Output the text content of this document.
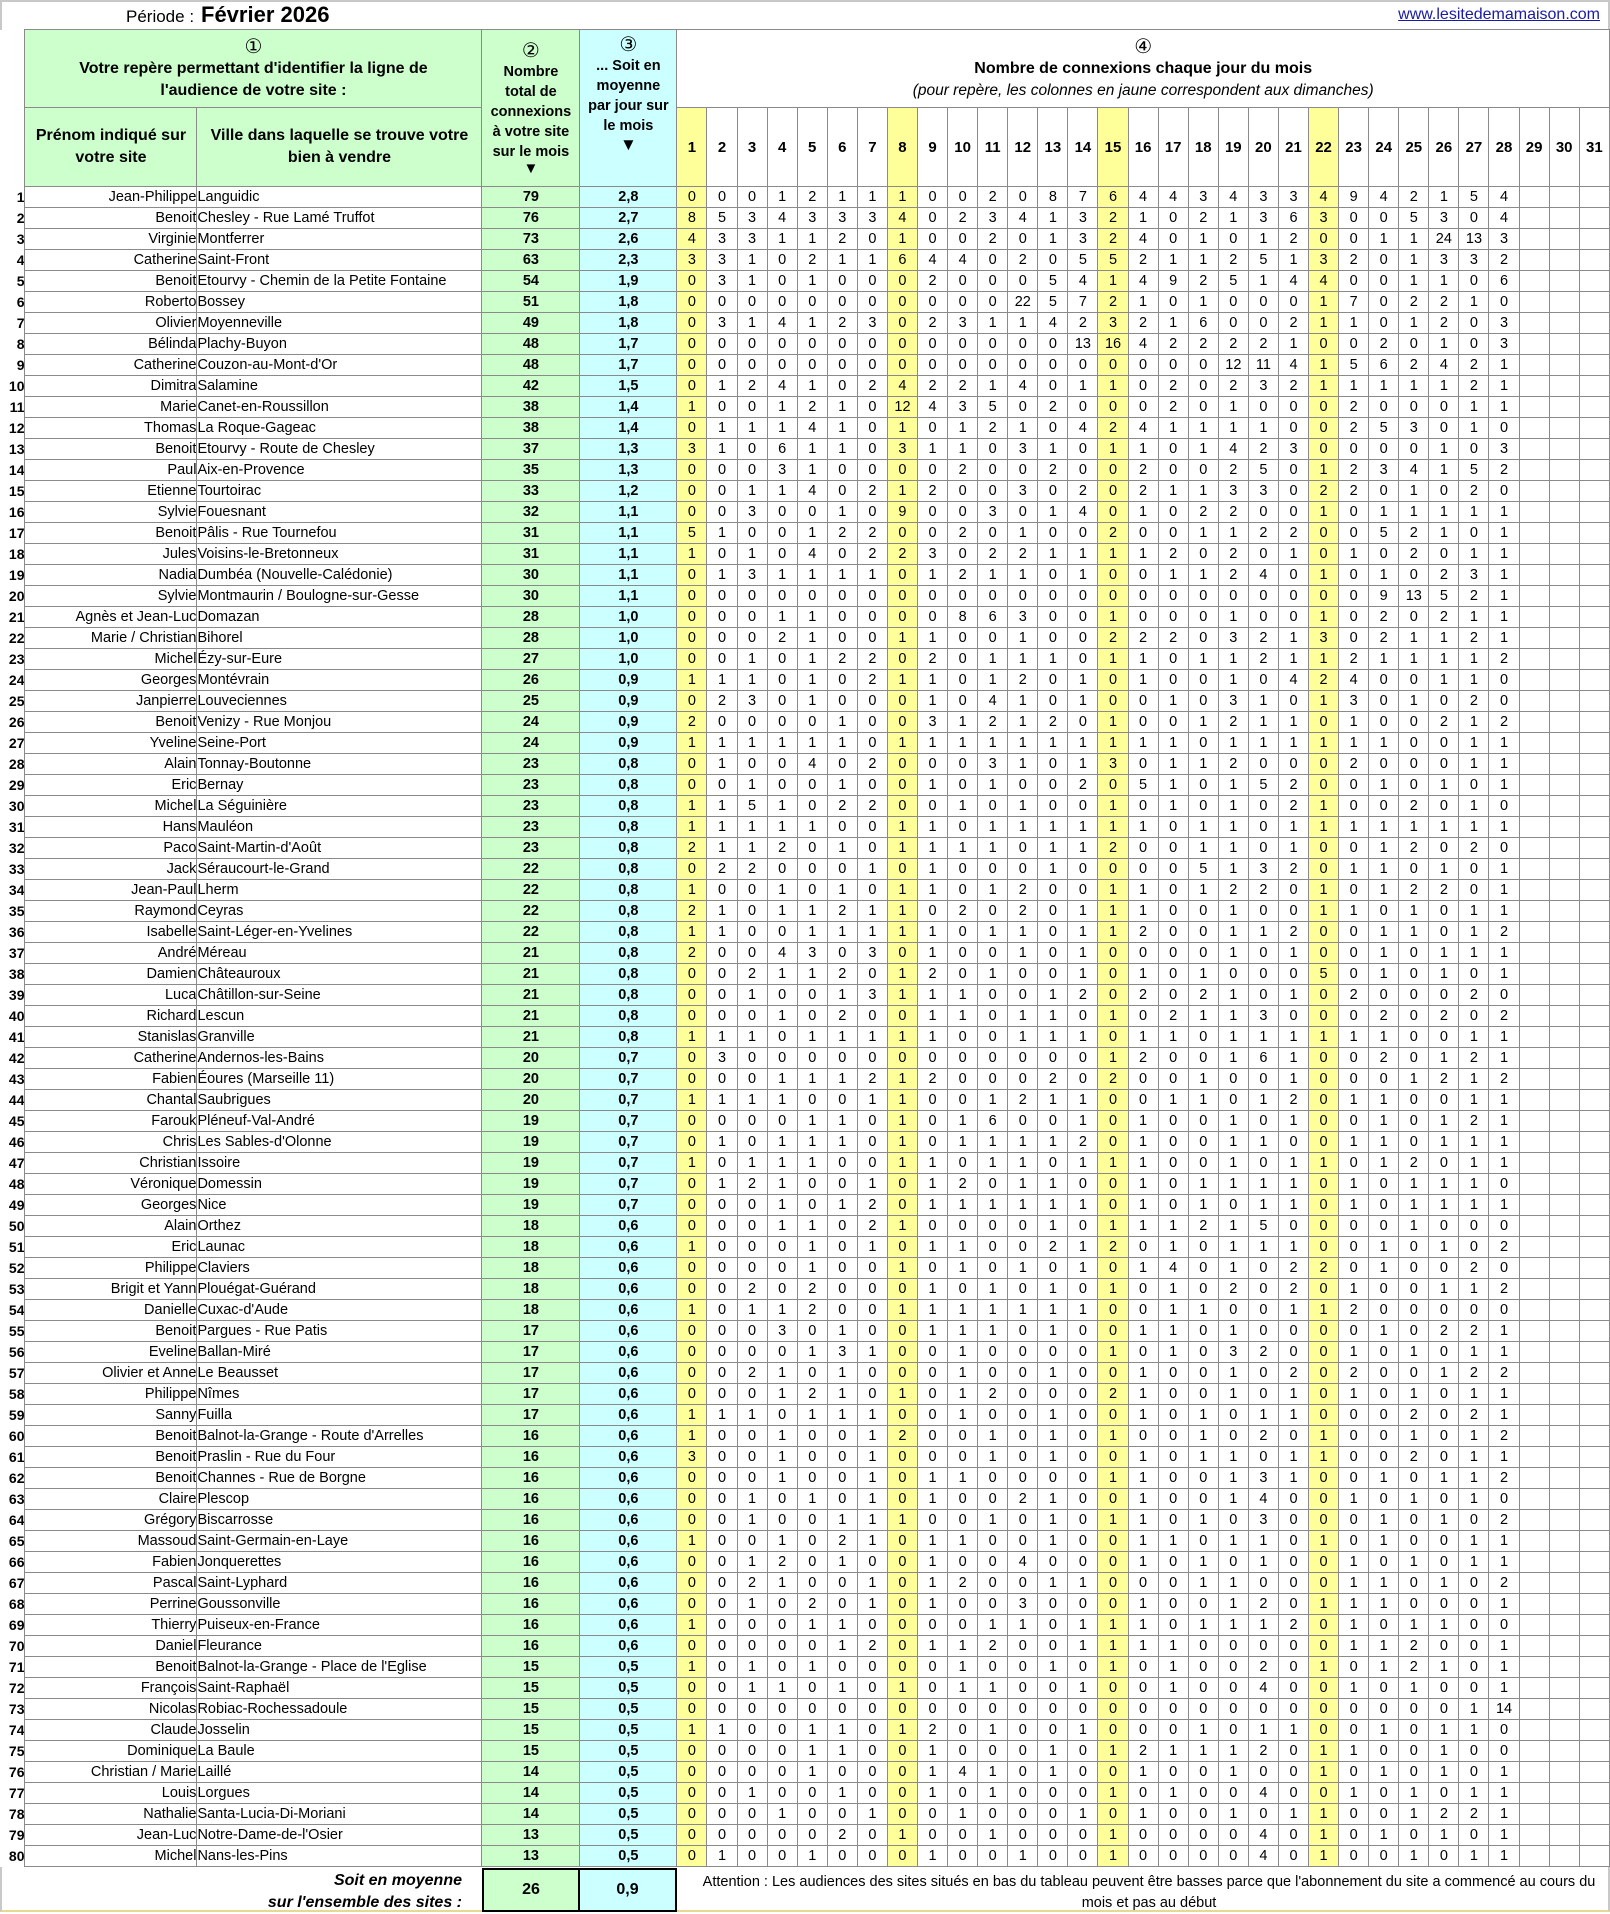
Période : Février 2026	www.lesitedemamaison.com

	①
Votre repère permettant d'identifier la ligne de l'audience de votre site :		②
Nombre total de connexions à votre site sur le mois
▼	③
... Soit en moyenne par jour sur le mois
▼	④
Nombre de connexions chaque jour du mois
(pour repère, les colonnes en jaune correspondent aux dimanches)																														

	Prénom indiqué sur votre site	Ville dans laquelle se trouve votre bien à vendre			1	2	3	4	5	6	7	8	9	10	11	12	13	14	15	16	17	18	19	20	21	22	23	24	25	26	27	28	29	30	31
1	Jean-Philippe	Languidic	79	2,8	0	0	0	1	2	1	1	1	0	0	2	0	8	7	6	4	4	3	4	3	3	4	9	4	2	1	5	4			
2	Benoit	Chesley - Rue Lamé Truffot	76	2,7	8	5	3	4	3	3	3	4	0	2	3	4	1	3	2	1	0	2	1	3	6	3	0	0	5	3	0	4			
3	Virginie	Montferrer	73	2,6	4	3	3	1	1	2	0	1	0	0	2	0	1	3	2	4	0	1	0	1	2	0	0	1	1	24	13	3			
4	Catherine	Saint-Front	63	2,3	3	3	1	0	2	1	1	6	4	4	0	2	0	5	5	2	1	1	2	5	1	3	2	0	1	3	3	2			
5	Benoit	Etourvy - Chemin de la Petite Fontaine	54	1,9	0	3	1	0	1	0	0	0	2	0	0	0	5	4	1	4	9	2	5	1	4	4	0	0	1	1	0	6			
6	Roberto	Bossey	51	1,8	0	0	0	0	0	0	0	0	0	0	0	22	5	7	2	1	0	1	0	0	0	1	7	0	2	2	1	0			
7	Olivier	Moyenneville	49	1,8	0	3	1	4	1	2	3	0	2	3	1	1	4	2	3	2	1	6	0	0	2	1	1	0	1	2	0	3			
8	Bélinda	Plachy-Buyon	48	1,7	0	0	0	0	0	0	0	0	0	0	0	0	0	13	16	4	2	2	2	2	1	0	0	2	0	1	0	3			
9	Catherine	Couzon-au-Mont-d'Or	48	1,7	0	0	0	0	0	0	0	0	0	0	0	0	0	0	0	0	0	0	12	11	4	1	5	6	2	4	2	1			
10	Dimitra	Salamine	42	1,5	0	1	2	4	1	0	2	4	2	2	1	4	0	1	1	0	2	0	2	3	2	1	1	1	1	1	2	1			
11	Marie	Canet-en-Roussillon	38	1,4	1	0	0	1	2	1	0	12	4	3	5	0	2	0	0	0	2	0	1	0	0	0	2	0	0	0	1	1			
12	Thomas	La Roque-Gageac	38	1,4	0	1	1	1	4	1	0	1	0	1	2	1	0	4	2	4	1	1	1	1	0	0	2	5	3	0	1	0			
13	Benoit	Etourvy - Route de Chesley	37	1,3	3	1	0	6	1	1	0	3	1	1	0	3	1	0	1	1	0	1	4	2	3	0	0	0	0	1	0	3			
14	Paul	Aix-en-Provence	35	1,3	0	0	0	3	1	0	0	0	0	2	0	0	2	0	0	2	0	0	2	5	0	1	2	3	4	1	5	2			
15	Etienne	Tourtoirac	33	1,2	0	0	1	1	4	0	2	1	2	0	0	3	0	2	0	2	1	1	3	3	0	2	2	0	1	0	2	0			
16	Sylvie	Fouesnant	32	1,1	0	0	3	0	0	1	0	9	0	0	3	0	1	4	0	1	0	2	2	0	0	1	0	1	1	1	1	1			
17	Benoit	Pâlis - Rue Tournefou	31	1,1	5	1	0	0	1	2	2	0	0	2	0	1	0	0	2	0	0	1	1	2	2	0	0	5	2	1	0	1			
18	Jules	Voisins-le-Bretonneux	31	1,1	1	0	1	0	4	0	2	2	3	0	2	2	1	1	1	1	2	0	2	0	1	0	1	0	2	0	1	1			
19	Nadia	Dumbéa (Nouvelle-Calédonie)	30	1,1	0	1	3	1	1	1	1	0	1	2	1	1	0	1	0	0	1	1	2	4	0	1	0	1	0	2	3	1			
20	Sylvie	Montmaurin / Boulogne-sur-Gesse	30	1,1	0	0	0	0	0	0	0	0	0	0	0	0	0	0	0	0	0	0	0	0	0	0	0	9	13	5	2	1			
21	Agnès et Jean-Luc	Domazan	28	1,0	0	0	0	1	1	0	0	0	0	8	6	3	0	0	1	0	0	0	1	0	0	1	0	2	0	2	1	1			
22	Marie / Christian	Bihorel	28	1,0	0	0	0	2	1	0	0	1	1	0	0	1	0	0	2	2	2	0	3	2	1	3	0	2	1	1	2	1			
23	Michel	Ézy-sur-Eure	27	1,0	0	0	1	0	1	2	2	0	2	0	1	1	1	0	1	1	0	1	1	2	1	1	2	1	1	1	1	2			
24	Georges	Montévrain	26	0,9	1	1	1	0	1	0	2	1	1	0	1	2	0	1	0	1	0	0	1	0	4	2	4	0	0	1	1	0			
25	Janpierre	Louveciennes	25	0,9	0	2	3	0	1	0	0	0	1	0	4	1	0	1	0	0	1	0	3	1	0	1	3	0	1	0	2	0			
26	Benoit	Venizy - Rue Monjou	24	0,9	2	0	0	0	0	1	0	0	3	1	2	1	2	0	1	0	0	1	2	1	1	0	1	0	0	2	1	2			
27	Yveline	Seine-Port	24	0,9	1	1	1	1	1	1	0	1	1	1	1	1	1	1	1	1	1	0	1	1	1	1	1	1	0	0	1	1			
28	Alain	Tonnay-Boutonne	23	0,8	0	1	0	0	4	0	2	0	0	0	3	1	0	1	3	0	1	1	2	0	0	0	2	0	0	0	1	1			
29	Eric	Bernay	23	0,8	0	0	1	0	0	1	0	0	1	0	1	0	0	2	0	5	1	0	1	5	2	0	0	1	0	1	0	1			
30	Michel	La Séguinière	23	0,8	1	1	5	1	0	2	2	0	0	1	0	1	0	0	1	0	1	0	1	0	2	1	0	0	2	0	1	0			
31	Hans	Mauléon	23	0,8	1	1	1	1	1	0	0	1	1	0	1	1	1	1	1	1	0	1	1	0	1	1	1	1	1	1	1	1			
32	Paco	Saint-Martin-d'Août	23	0,8	2	1	1	2	0	1	0	1	1	1	1	0	1	1	2	0	0	1	1	0	1	0	0	1	2	0	2	0			
33	Jack	Séraucourt-le-Grand	22	0,8	0	2	2	0	0	0	1	0	1	0	0	0	1	0	0	0	0	5	1	3	2	0	1	1	0	1	0	1			
34	Jean-Paul	Lherm	22	0,8	1	0	0	1	0	1	0	1	1	0	1	2	0	0	1	1	0	1	2	2	0	1	0	1	2	2	0	1			
35	Raymond	Ceyras	22	0,8	2	1	0	1	1	2	1	1	0	2	0	2	0	1	1	1	0	0	1	0	0	1	1	0	1	0	1	1			
36	Isabelle	Saint-Léger-en-Yvelines	22	0,8	1	1	0	0	1	1	1	1	1	0	1	1	0	1	1	2	0	0	1	1	2	0	0	1	1	0	1	2			
37	André	Méreau	21	0,8	2	0	0	4	3	0	3	0	1	0	0	1	0	1	0	0	0	0	1	0	1	0	0	1	0	1	1	1			
38	Damien	Châteauroux	21	0,8	0	0	2	1	1	2	0	1	2	0	1	0	0	1	0	1	0	1	0	0	0	5	0	1	0	1	0	1			
39	Luca	Châtillon-sur-Seine	21	0,8	0	0	1	0	0	1	3	1	1	1	0	0	1	2	0	2	0	2	1	0	1	0	2	0	0	0	2	0			
40	Richard	Lescun	21	0,8	0	0	0	1	0	2	0	0	1	1	0	1	1	0	1	0	2	1	1	3	0	0	0	2	0	2	0	2			
41	Stanislas	Granville	21	0,8	1	1	1	0	1	1	1	1	1	0	0	1	1	1	0	1	1	0	1	1	1	1	1	1	0	0	1	1			
42	Catherine	Andernos-les-Bains	20	0,7	0	3	0	0	0	0	0	0	0	0	0	0	0	0	1	2	0	0	1	6	1	0	0	2	0	1	2	1			
43	Fabien	Éoures (Marseille 11)	20	0,7	0	0	0	1	1	1	2	1	2	0	0	0	2	0	2	0	0	1	0	0	1	0	0	0	1	2	1	2			
44	Chantal	Saubrigues	20	0,7	1	1	1	1	0	0	1	1	0	0	1	2	1	1	0	0	1	1	0	1	2	0	1	1	0	0	1	1			
45	Farouk	Pléneuf-Val-André	19	0,7	0	0	0	0	1	1	0	1	0	1	6	0	0	1	0	1	0	0	1	0	1	0	0	1	0	1	2	1			
46	Chris	Les Sables-d'Olonne	19	0,7	0	1	0	1	1	1	0	1	0	1	1	1	1	2	0	1	0	0	1	1	0	0	1	1	0	1	1	1			
47	Christian	Issoire	19	0,7	1	0	1	1	1	0	0	1	1	0	1	1	0	1	1	1	0	0	1	0	1	1	0	1	2	0	1	1			
48	Véronique	Domessin	19	0,7	0	1	2	1	0	0	1	0	1	2	0	1	1	0	0	1	0	1	1	1	1	0	1	0	1	1	1	0			
49	Georges	Nice	19	0,7	0	0	0	1	0	1	2	0	1	1	1	1	1	1	0	1	0	1	0	1	1	0	1	0	1	1	1	1			
50	Alain	Orthez	18	0,6	0	0	0	1	1	0	2	1	0	0	0	0	1	0	1	1	1	2	1	5	0	0	0	0	1	0	0	0			
51	Eric	Launac	18	0,6	1	0	0	0	1	0	1	0	1	1	0	0	2	1	2	0	1	0	1	1	1	0	0	1	0	1	0	2			
52	Philippe	Claviers	18	0,6	0	0	0	0	1	0	0	1	0	1	0	1	0	1	0	1	4	0	1	0	2	2	0	1	0	0	2	0			
53	Brigit et Yann	Plouégat-Guérand	18	0,6	0	0	2	0	2	0	0	0	1	0	1	0	1	0	1	0	1	0	2	0	2	0	1	0	0	1	1	2			
54	Danielle	Cuxac-d'Aude	18	0,6	1	0	1	1	2	0	0	1	1	1	1	1	1	1	0	0	1	1	0	0	1	1	2	0	0	0	0	0			
55	Benoit	Pargues - Rue Patis	17	0,6	0	0	0	3	0	1	0	0	1	1	1	0	1	0	0	1	1	0	1	0	0	0	0	1	0	2	2	1			
56	Eveline	Ballan-Miré	17	0,6	0	0	0	0	1	3	1	0	0	1	0	0	0	0	1	0	1	0	3	2	0	0	1	0	1	0	1	1			
57	Olivier et Anne	Le Beausset	17	0,6	0	0	2	1	0	1	0	0	0	1	0	0	1	0	0	1	0	0	1	0	2	0	2	0	0	1	2	2			
58	Philippe	Nîmes	17	0,6	0	0	0	1	2	1	0	1	0	1	2	0	0	0	2	1	0	0	1	0	1	0	1	0	1	0	1	1			
59	Sanny	Fuilla	17	0,6	1	1	1	0	1	1	1	0	0	1	0	0	1	0	0	1	0	1	0	1	1	0	0	0	2	0	2	1			
60	Benoit	Balnot-la-Grange - Route d'Arrelles	16	0,6	1	0	0	1	0	0	1	2	0	0	1	0	1	0	1	0	0	1	0	2	0	1	0	0	1	0	1	2			
61	Benoit	Praslin - Rue du Four	16	0,6	3	0	0	1	0	0	1	0	0	0	1	0	1	0	0	1	0	1	1	0	1	1	0	0	2	0	1	1			
62	Benoit	Channes - Rue de Borgne	16	0,6	0	0	0	1	0	0	1	0	1	1	0	0	0	0	1	1	0	0	1	3	1	0	0	1	0	1	1	2			
63	Claire	Plescop	16	0,6	0	0	1	0	1	0	1	0	1	0	0	2	1	0	0	1	0	0	1	4	0	0	1	0	1	0	1	0			
64	Grégory	Biscarrosse	16	0,6	0	0	1	0	0	1	1	1	0	0	1	0	1	0	1	1	0	1	0	3	0	0	0	1	0	1	0	2			
65	Massoud	Saint-Germain-en-Laye	16	0,6	1	0	0	1	0	2	1	0	1	1	0	0	1	0	0	1	1	0	1	1	0	1	0	1	0	0	1	1			
66	Fabien	Jonquerettes	16	0,6	0	0	1	2	0	1	0	0	1	0	0	4	0	0	0	1	0	1	0	1	0	0	1	0	1	0	1	1			
67	Pascal	Saint-Lyphard	16	0,6	0	0	2	1	0	0	1	0	1	2	0	0	1	1	0	0	0	1	1	0	0	0	1	1	0	1	0	2			
68	Perrine	Goussonville	16	0,6	0	0	1	0	2	0	1	0	1	0	0	3	0	0	0	1	0	0	1	2	0	1	1	1	0	0	0	1			
69	Thierry	Puiseux-en-France	16	0,6	1	0	0	0	1	1	0	0	0	0	1	1	0	1	1	1	0	1	1	1	2	0	1	0	1	1	0	0			
70	Daniel	Fleurance	16	0,6	0	0	0	0	0	1	2	0	1	1	2	0	0	1	1	1	1	0	0	0	0	0	1	1	2	0	0	1			
71	Benoit	Balnot-la-Grange - Place de l'Eglise	15	0,5	1	0	1	0	1	0	0	0	0	1	0	0	1	0	1	0	1	0	0	2	0	1	0	1	2	1	0	1			
72	François	Saint-Raphaël	15	0,5	0	0	1	1	0	1	0	1	0	1	1	0	0	1	0	0	1	0	0	4	0	0	1	0	1	0	0	1			
73	Nicolas	Robiac-Rochessadoule	15	0,5	0	0	0	0	0	0	0	0	0	0	0	0	0	0	0	0	0	0	0	0	0	0	0	0	0	0	1	14			
74	Claude	Josselin	15	0,5	1	1	0	0	1	1	0	1	2	0	1	0	0	1	0	0	0	1	0	1	1	0	0	1	0	1	1	0			
75	Dominique	La Baule	15	0,5	0	0	0	0	1	1	0	0	1	0	0	0	1	0	1	2	1	1	1	2	0	1	1	0	0	1	0	0			
76	Christian / Marie	Laillé	14	0,5	0	0	0	0	1	0	0	0	1	4	1	0	1	0	0	1	0	0	1	0	0	1	0	1	0	1	0	1			
77	Louis	Lorgues	14	0,5	0	0	1	0	0	1	0	0	1	0	1	0	0	0	1	0	1	0	0	4	0	0	1	0	1	0	1	1			
78	Nathalie	Santa-Lucia-Di-Moriani	14	0,5	0	0	0	1	0	0	1	0	0	1	0	0	0	1	0	1	0	0	1	0	1	1	0	0	1	2	2	1			
79	Jean-Luc	Notre-Dame-de-l'Osier	13	0,5	0	0	0	0	0	2	0	1	0	0	1	0	0	0	1	0	0	0	0	4	0	1	0	1	0	1	0	1			
80	Michel	Nans-les-Pins	13	0,5	0	1	0	0	1	0	0	0	1	0	0	1	0	0	1	0	0	0	0	4	0	1	0	0	1	0	1	1			
Soit en moyenne
sur l'ensemble des sites :
26	0,9	Attention : Les audiences des sites situés en bas du tableau peuvent être basses parce que l'abonnement du site a commencé au cours du mois et pas au début
